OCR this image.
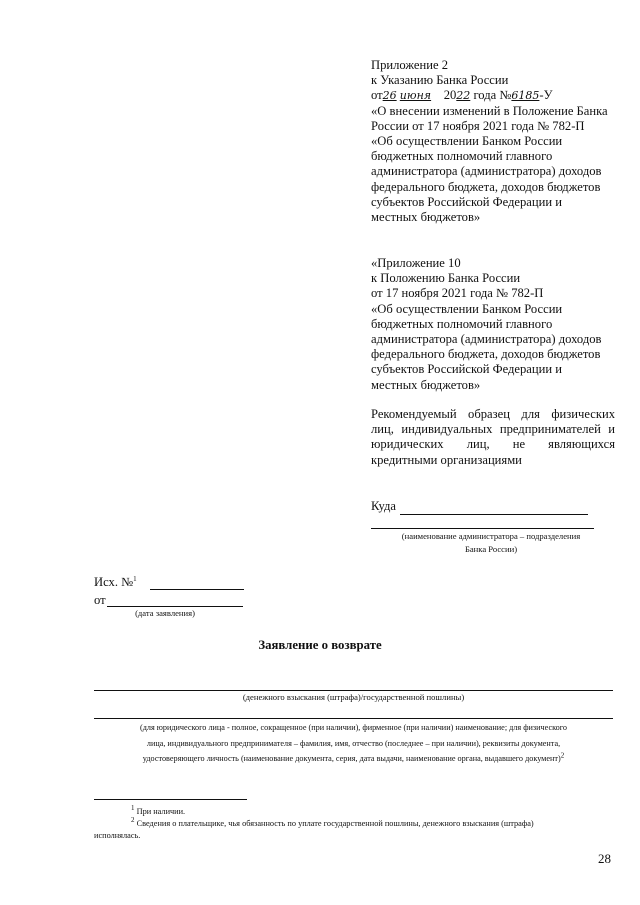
Приложение 2
к Указанию Банка России
от26 июня 2022 года №6185-У
«О внесении изменений в Положение Банка
России от 17 ноября 2021 года № 782-П
«Об осуществлении Банком России
бюджетных полномочий главного
администратора (администратора) доходов
федерального бюджета, доходов бюджетов
субъектов Российской Федерации и
местных бюджетов»
«Приложение 10
к Положению Банка России
от 17 ноября 2021 года № 782-П
«Об осуществлении Банком России
бюджетных полномочий главного
администратора (администратора) доходов
федерального бюджета, доходов бюджетов
субъектов Российской Федерации и
местных бюджетов»

Рекомендуемый образец для физических

лиц, индивидуальных предпринимателей и

юридических лиц, не являющихся

кредитными организациями

Куда
(наименование администратора – подразделения
Банка России)
Исх. №$^1$
от
(дата заявления)
Заявление о возврате
(денежного взыскания (штрафа)/государственной пошлины)
(для юридического лица - полное, сокращенное (при наличии), фирменное (при наличии) наименование; для физического
лица, индивидуального предпринимателя – фамилия, имя, отчество (последнее – при наличии), реквизиты документа,
удостоверяющего личность (наименование документа, серия, дата выдачи, наименование органа, выдавшего документ)2
$^1$ При наличии.
$^2$ Сведения о плательщике, чья обязанность по уплате государственной пошлины, денежного взыскания (штрафа)
исполнялась.
28
